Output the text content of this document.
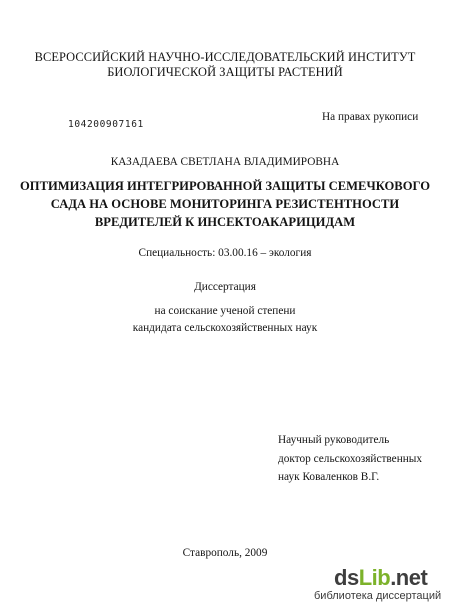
ВСЕРОССИЙСКИЙ НАУЧНО-ИССЛЕДОВАТЕЛЬСКИЙ ИНСТИТУТ
БИОЛОГИЧЕСКОЙ ЗАЩИТЫ РАСТЕНИЙ
104200907161
На правах рукописи
КАЗАДАЕВА СВЕТЛАНА ВЛАДИМИРОВНА
ОПТИМИЗАЦИЯ ИНТЕГРИРОВАННОЙ ЗАЩИТЫ СЕМЕЧКОВОГО
САДА НА ОСНОВЕ МОНИТОРИНГА РЕЗИСТЕНТНОСТИ
ВРЕДИТЕЛЕЙ К ИНСЕКТОАКАРИЦИДАМ
Специальность: 03.00.16 – экология
Диссертация
на соискание ученой степени
кандидата сельскохозяйственных наук
Научный руководитель
доктор сельскохозяйственных
наук Коваленков В.Г.
Ставрополь, 2009
dsLib.net
библиотека диссертаций
